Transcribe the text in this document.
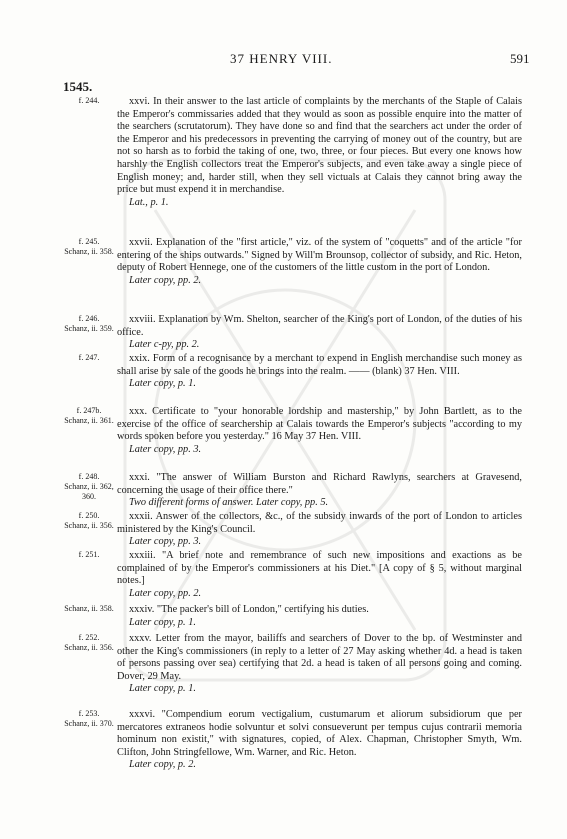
37 HENRY VIII.	591
1545.
f. 244.	xxvi. In their answer to the last article of complaints by the merchants of the Staple of Calais the Emperor's commissaries added that they would as soon as possible enquire into the matter of the searchers (scrutatorum). They have done so and find that the searchers act under the order of the Emperor and his predecessors in preventing the carrying of money out of the country, but are not so harsh as to forbid the taking of one, two, three, or four pieces. But every one knows how harshly the English collectors treat the Emperor's subjects, and even take away a single piece of English money; and, harder still, when they sell victuals at Calais they cannot bring away the price but must expend it in merchandise.
Lat., p. 1.
f. 245.
Schanz, ii. 358.
xxvii. Explanation of the "first article," viz. of the system of "coquetts" and of the article "for entering of the ships outwards." Signed by Will'm Brounsop, collector of subsidy, and Ric. Heton, deputy of Robert Hennege, one of the customers of the little custom in the port of London.
Later copy, pp. 2.
f. 246.
Schanz, ii. 359.
xxviii. Explanation by Wm. Shelton, searcher of the King's port of London, of the duties of his office.
Later c-py, pp. 2.
f. 247.	xxix. Form of a recognisance by a merchant to expend in English merchandise such money as shall arise by sale of the goods he brings into the realm. —— (blank) 37 Hen. VIII.
Later copy, p. 1.
f. 247b.
Schanz, ii. 361.
xxx. Certificate to "your honorable lordship and mastership," by John Bartlett, as to the exercise of the office of searchership at Calais towards the Emperor's subjects "according to my words spoken before you yesterday." 16 May 37 Hen. VIII.
Later copy, pp. 3.
f. 248.
Schanz, ii. 362, 360.
xxxi. "The answer of William Burston and Richard Rawlyns, searchers at Gravesend, concerning the usage of their office there."
Two different forms of answer. Later copy, pp. 5.
f. 250.
Schanz, ii. 356.
xxxii. Answer of the collectors, &c., of the subsidy inwards of the port of London to articles ministered by the King's Council.
Later copy, pp. 3.
f. 251.	xxxiii. "A brief note and remembrance of such new impositions and exactions as be complained of by the Emperor's commissioners at his Diet." [A copy of § 5, without marginal notes.]
Later copy, pp. 2.
Schanz, ii. 358.	xxxiv. "The packer's bill of London," certifying his duties.
Later copy, p. 1.
f. 252.
Schanz, ii. 356.
xxxv. Letter from the mayor, bailiffs and searchers of Dover to the bp. of Westminster and other the King's commissioners (in reply to a letter of 27 May asking whether 4d. a head is taken of persons passing over sea) certifying that 2d. a head is taken of all persons going and coming. Dover, 29 May.
Later copy, p. 1.
f. 253.
Schanz, ii. 370.
xxxvi. "Compendium eorum vectigalium, custumarum et aliorum subsidiorum que per mercatores extraneos hodie solvuntur et solvi consueverunt per tempus cujus contrarii memoria hominum non existit," with signatures, copied, of Alex. Chapman, Christopher Smyth, Wm. Clifton, John Stringfellowe, Wm. Warner, and Ric. Heton.
Later copy, p. 2.
